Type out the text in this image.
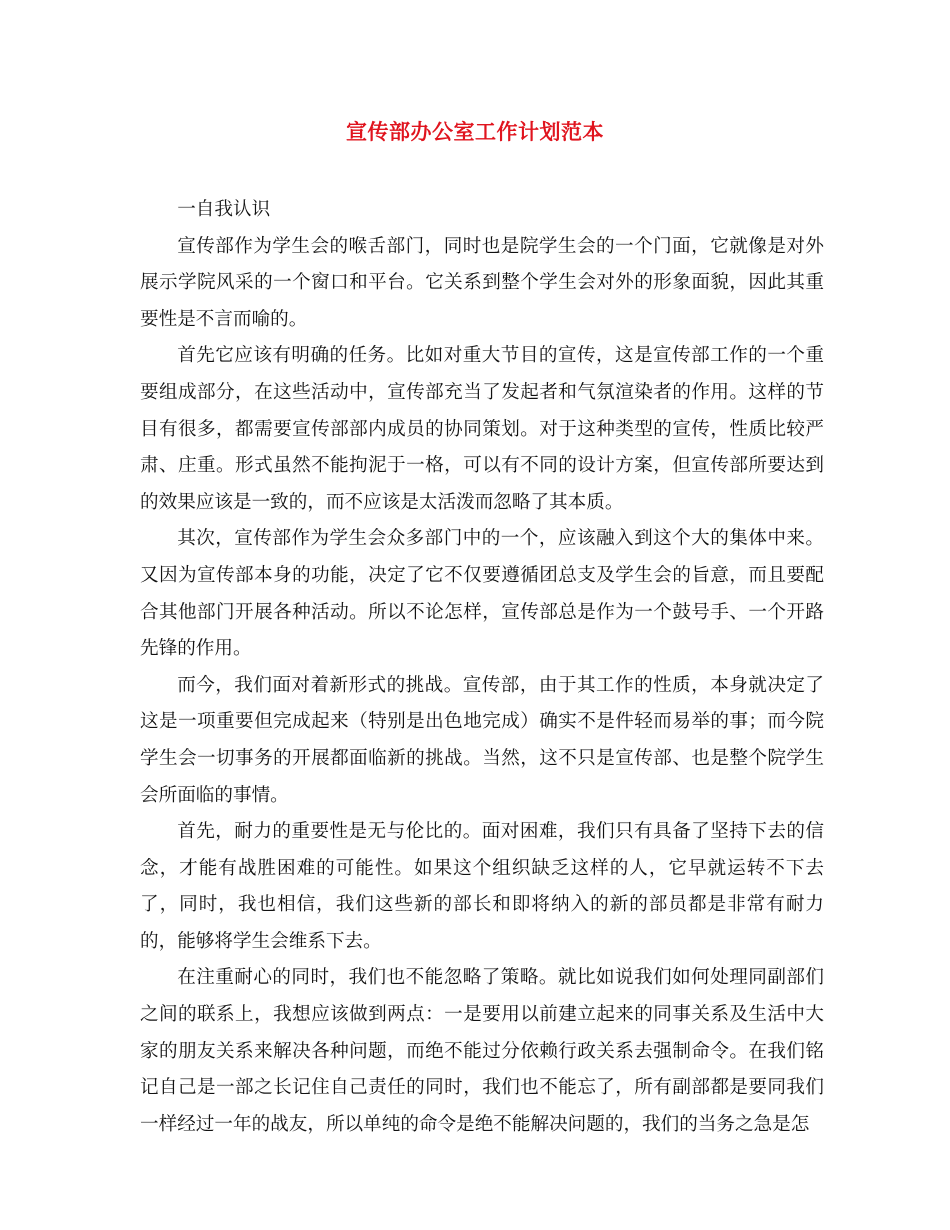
宣传部办公室工作计划范本

一自我认识

宣传部作为学生会的喉舌部门，同时也是院学生会的一个门面，它就像是对外展示学院风采的一个窗口和平台。它关系到整个学生会对外的形象面貌，因此其重要性是不言而喻的。

首先它应该有明确的任务。比如对重大节目的宣传，这是宣传部工作的一个重要组成部分，在这些活动中，宣传部充当了发起者和气氛渲染者的作用。这样的节目有很多，都需要宣传部部内成员的协同策划。对于这种类型的宣传，性质比较严肃、庄重。形式虽然不能拘泥于一格，可以有不同的设计方案，但宣传部所要达到的效果应该是一致的，而不应该是太活泼而忽略了其本质。

其次，宣传部作为学生会众多部门中的一个，应该融入到这个大的集体中来。又因为宣传部本身的功能，决定了它不仅要遵循团总支及学生会的旨意，而且要配合其他部门开展各种活动。所以不论怎样，宣传部总是作为一个鼓号手、一个开路先锋的作用。

而今，我们面对着新形式的挑战。宣传部，由于其工作的性质，本身就决定了这是一项重要但完成起来（特别是出色地完成）确实不是件轻而易举的事；而今院学生会一切事务的开展都面临新的挑战。当然，这不只是宣传部、也是整个院学生会所面临的事情。

首先，耐力的重要性是无与伦比的。面对困难，我们只有具备了坚持下去的信念，才能有战胜困难的可能性。如果这个组织缺乏这样的人，它早就运转不下去了，同时，我也相信，我们这些新的部长和即将纳入的新的部员都是非常有耐力的，能够将学生会维系下去。

在注重耐心的同时，我们也不能忽略了策略。就比如说我们如何处理同副部们之间的联系上，我想应该做到两点：一是要用以前建立起来的同事关系及生活中大家的朋友关系来解决各种问题，而绝不能过分依赖行政关系去强制命令。在我们铭记自己是一部之长记住自己责任的同时，我们也不能忘了，所有副部都是要同我们一样经过一年的战友，所以单纯的命令是绝不能解决问题的，我们的当务之急是怎
